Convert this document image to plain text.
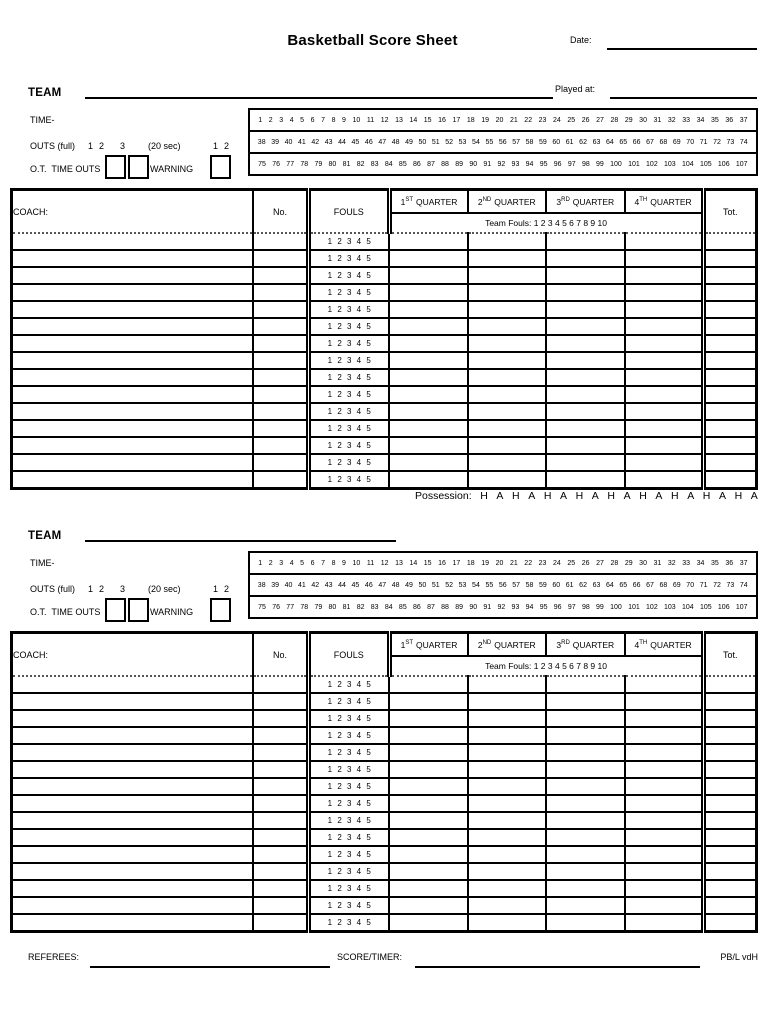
Basketball Score Sheet	Date:
TEAM	Played at:
TIME-
OUTS (full) 1 2 3	(20 sec)	1 2
O.T.  TIME OUTS	WARNING
1 2 3 4 5 6 7 8 9 10 11 12 13 14 15 16 17 18 19 20 21 22 23 24 25 26 27 28 29 30 31 32 33 34 35 36 37
38 39 40 41 42 43 44 45 46 47 48 49 50 51 52 53 54 55 56 57 58 59 60 61 62 63 64 65 66 67 68 69 70 71 72 73 74
75 76 77 78 79 80 81 82 83 84 85 86 87 88 89 90 91 92 93 94 95 96 97 98 99 100 101 102 103 104 105 106 107
COACH:	No.	FOULS	1ST QUARTER	2ND QUARTER	3RD QUARTER	4TH QUARTER	Tot.
			Team Fouls: 1 2 3 4 5 6 7 8 9 10				
		1 2 3 4 5					
		1 2 3 4 5					
		1 2 3 4 5					
		1 2 3 4 5					
		1 2 3 4 5					
		1 2 3 4 5					
		1 2 3 4 5					
		1 2 3 4 5					
		1 2 3 4 5					
		1 2 3 4 5					
		1 2 3 4 5					
		1 2 3 4 5					
		1 2 3 4 5					
		1 2 3 4 5					
		1 2 3 4 5					
Possession: H A H A H A H A H A H A H A H A H A
TEAM
TIME-
OUTS (full) 1 2 3	(20 sec)	1 2
O.T.  TIME OUTS	WARNING
1 2 3 4 5 6 7 8 9 10 11 12 13 14 15 16 17 18 19 20 21 22 23 24 25 26 27 28 29 30 31 32 33 34 35 36 37
38 39 40 41 42 43 44 45 46 47 48 49 50 51 52 53 54 55 56 57 58 59 60 61 62 63 64 65 66 67 68 69 70 71 72 73 74
75 76 77 78 79 80 81 82 83 84 85 86 87 88 89 90 91 92 93 94 95 96 97 98 99 100 101 102 103 104 105 106 107
COACH:	No.	FOULS	1ST QUARTER	2ND QUARTER	3RD QUARTER	4TH QUARTER	Tot.
			Team Fouls: 1 2 3 4 5 6 7 8 9 10				
		1 2 3 4 5					
		1 2 3 4 5					
		1 2 3 4 5					
		1 2 3 4 5					
		1 2 3 4 5					
		1 2 3 4 5					
		1 2 3 4 5					
		1 2 3 4 5					
		1 2 3 4 5					
		1 2 3 4 5					
		1 2 3 4 5					
		1 2 3 4 5					
		1 2 3 4 5					
		1 2 3 4 5					
		1 2 3 4 5					
REFEREES:	SCORE/TIMER:	PB/L vdH
